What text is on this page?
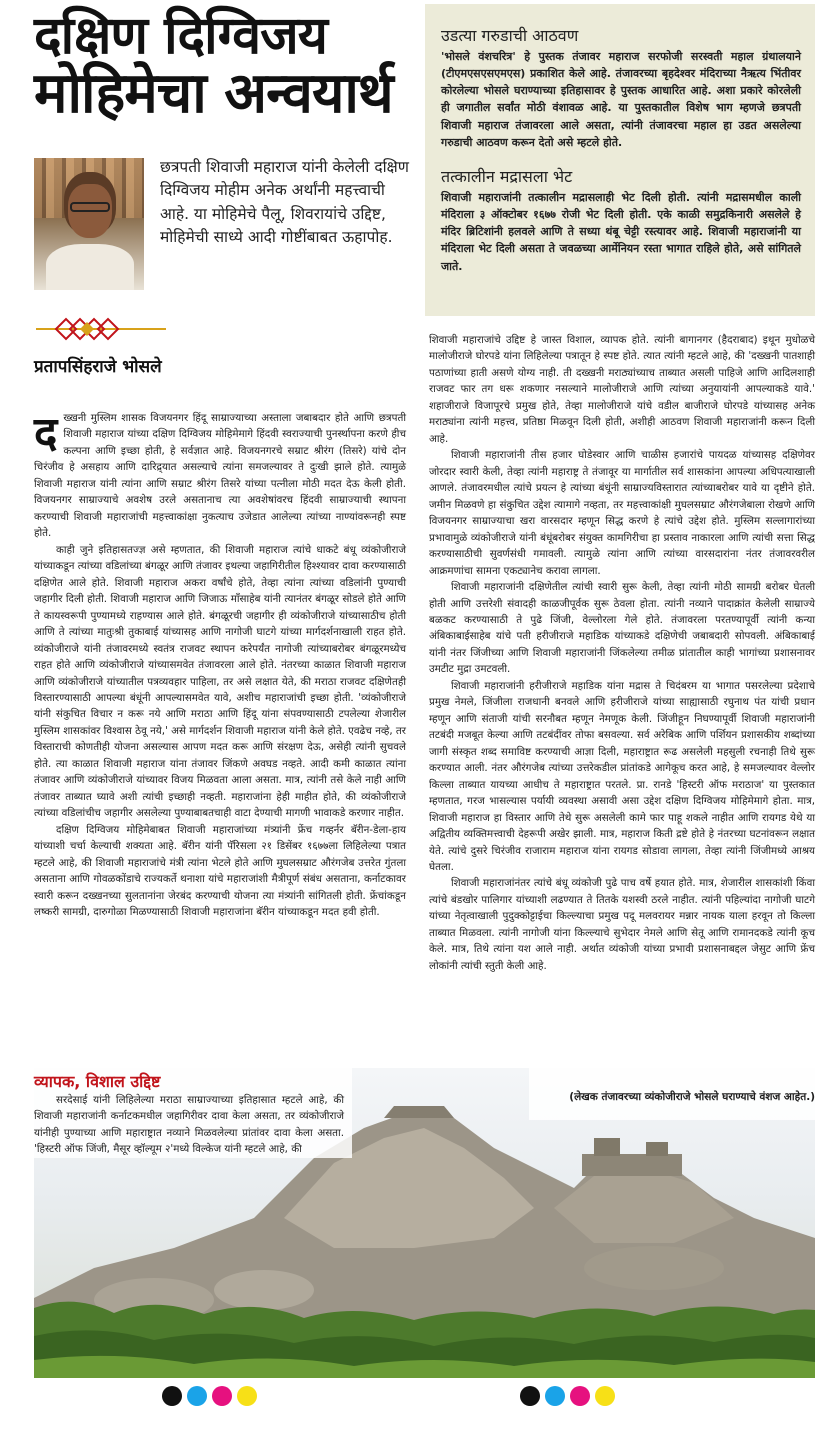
दक्षिण दिग्विजय
मोहिमेचा अन्वयार्थ
छत्रपती शिवाजी महाराज यांनी केलेली दक्षिण दिग्विजय मोहीम अनेक अर्थांनी महत्त्वाची आहे. या मोहिमेचे पैलू, शिवरायांचे उद्दिष्ट, मोहिमेची साध्ये आदी गोष्टींबाबत ऊहापोह.
प्रतापसिंहराजे भोसले
उडत्या गरुडाची आठवण

'भोसले वंशचरित्र' हे पुस्तक तंजावर महाराज सरफोजी सरस्वती महाल ग्रंथालयाने (टीएमएसएसएमएस) प्रकाशित केले आहे. तंजावरच्या बृहदेश्वर मंदिराच्या नैऋत्य भिंतीवर कोरलेल्या भोसले घराण्याच्या इतिहासावर हे पुस्तक आधारित आहे. अशा प्रकारे कोरलेली ही जगातील सर्वांत मोठी वंशावळ आहे. या पुस्तकातील विशेष भाग म्हणजे छत्रपती शिवाजी महाराज तंजावरला आले असता, त्यांनी तंजावरचा महाल हा उडत असलेल्या गरुडाची आठवण करून देतो असे म्हटले होते.

तत्कालीन मद्रासला भेट

शिवाजी महाराजांनी तत्कालीन मद्रासलाही भेट दिली होती. त्यांनी मद्रासमधील काली मंदिराला ३ ऑक्टोबर १६७७ रोजी भेट दिली होती. एके काळी समुद्रकिनारी असलेले हे मंदिर ब्रिटिशांनी हलवले आणि ते सध्या थंबू चेट्टी रस्त्यावर आहे. शिवाजी महाराजांनी या मंदिराला भेट दिली असता ते जवळच्या आर्मेनियन रस्ता भागात राहिले होते, असे सांगितले जाते.

दख्खनी मुस्लिम शासक विजयनगर हिंदू साम्राज्याच्या अस्ताला जबाबदार होते आणि छत्रपती शिवाजी महाराज यांच्या दक्षिण दिग्विजय मोहिमेमागे हिंदवी स्वराज्याची पुनर्स्थापना करणे हीच कल्पना आणि इच्छा होती, हे सर्वज्ञात आहे. विजयनगरचे सम्राट श्रीरंग (तिसरे) यांचे दोन चिरंजीव हे असहाय आणि दारिद्र्यात असल्याचे त्यांना समजल्यावर ते दुःखी झाले होते. त्यामुळे शिवाजी महाराज यांनी त्यांना आणि सम्राट श्रीरंग तिसरे यांच्या पत्नीला मोठी मदत देऊ केली होती. विजयनगर साम्राज्याचे अवशेष उरले असतानाच त्या अवशेषांवरच हिंदवी साम्राज्याची स्थापना करण्याची शिवाजी महाराजांची महत्त्वाकांक्षा नुकत्याच उजेडात आलेल्या त्यांच्या नाण्यांवरूनही स्पष्ट होते.

काही जुने इतिहासतज्ज्ञ असे म्हणतात, की शिवाजी महाराज त्यांचे धाकटे बंधू व्यंकोजीराजे यांच्याकडून त्यांच्या वडिलांच्या बंगळूर आणि तंजावर इथल्या जहागिरीतील हिश्श्यावर दावा करण्यासाठी दक्षिणेत आले होते. शिवाजी महाराज अकरा वर्षांचे होते, तेव्हा त्यांना त्यांच्या वडिलांनी पुण्याची जहागीर दिली होती. शिवाजी महाराज आणि जिजाऊ माँसाहेब यांनी त्यानंतर बंगळूर सोडले होते आणि ते कायस्वरूपी पुण्यामध्ये राहण्यास आले होते. बंगळूरची जहागीर ही व्यंकोजीराजे यांच्यासाठीच होती आणि ते त्यांच्या मातुःश्री तुकाबाई यांच्यासह आणि नागोजी घाटगे यांच्या मार्गदर्शनाखाली राहत होते. व्यंकोजीराजे यांनी तंजावरमध्ये स्वतंत्र राजवट स्थापन करेपर्यंत नागोजी त्यांच्याबरोबर बंगळूरमध्येच राहत होते आणि व्यंकोजीराजे यांच्यासमवेत तंजावरला आले होते. नंतरच्या काळात शिवाजी महाराज आणि व्यंकोजीराजे यांच्यातील पत्रव्यवहार पाहिला, तर असे लक्षात येते, की मराठा राजवट दक्षिणेतही विस्तारण्यासाठी आपल्या बंधूंनी आपल्यासमवेत यावे, अशीच महाराजांची इच्छा होती. 'व्यंकोजीराजे यांनी संकुचित विचार न करू नये आणि मराठा आणि हिंदू यांना संपवण्यासाठी टपलेल्या शेजारील मुस्लिम शासकांवर विश्वास ठेवू नये,' असे मार्गदर्शन शिवाजी महाराज यांनी केले होते. एवढेच नव्हे, तर विस्ताराची कोणतीही योजना असल्यास आपण मदत करू आणि संरक्षण देऊ, असेही त्यांनी सुचवले होते. त्या काळात शिवाजी महाराज यांना तंजावर जिंकणे अवघड नव्हते. आदी कमी काळात त्यांना तंजावर आणि व्यंकोजीराजे यांच्यावर विजय मिळवता आला असता. मात्र, त्यांनी तसे केले नाही आणि तंजावर ताब्यात घ्यावे अशी त्यांची इच्छाही नव्हती. महाराजांना हेही माहीत होते, की व्यंकोजीराजे त्यांच्या वडिलांचीच जहागीर असलेल्या पुण्याबाबतचाही वाटा देण्याची मागणी भावाकडे करणार नाहीत.

दक्षिण दिग्विजय मोहिमेबाबत शिवाजी महाराजांच्या मंत्र्यांनी फ्रेंच गव्हर्नर बॅरीन-डेला-हाय यांच्याशी चर्चा केल्याची शक्यता आहे. बॅरीन यांनी पॅरिसला २१ डिसेंबर १६७७ला लिहिलेल्या पत्रात म्हटले आहे, की शिवाजी महाराजांचे मंत्री त्यांना भेटले होते आणि मुघलसम्राट औरंगजेब उत्तरेत गुंतला असताना आणि गोवळकोंडाचे राज्यकर्ते थनाशा यांचे महाराजांशी मैत्रीपूर्ण संबंध असताना, कर्नाटकावर स्वारी करून दख्खनच्या सुलतानांना जेरबंद करण्याची योजना त्या मंत्र्यांनी सांगितली होती. फ्रेंचांकडून लष्करी सामग्री, दारुगोळा मिळण्यासाठी शिवाजी महाराजांना बॅरीन यांच्याकडून मदत हवी होती.

शिवाजी महाराजांचे उद्दिष्ट हे जास्त विशाल, व्यापक होते. त्यांनी बागानगर (हैदराबाद) इथून मुधोळचे मालोजीराजे घोरपडे यांना लिहिलेल्या पत्रातून हे स्पष्ट होते. त्यात त्यांनी म्हटले आहे, की 'दख्खनी पातशाही पठाणांच्या हाती असणे योग्य नाही. ती दख्खनी मराठ्यांच्याच ताब्यात असली पाहिजे आणि आदिलशाही राजवट फार तग धरू शकणार नसल्याने मालोजीराजे आणि त्यांच्या अनुयायांनी आपल्याकडे यावे.' शहाजीराजे विजापूरचे प्रमुख होते, तेव्हा मालोजीराजे यांचे वडील बाजीराजे घोरपडे यांच्यासह अनेक मराठ्यांना त्यांनी महत्त्व, प्रतिष्ठा मिळवून दिली होती, अशीही आठवण शिवाजी महाराजांनी करून दिली आहे.

शिवाजी महाराजांनी तीस हजार घोडेस्वार आणि चाळीस हजारांचे पायदळ यांच्यासह दक्षिणेवर जोरदार स्वारी केली, तेव्हा त्यांनी महाराष्ट्र ते तंजावूर या मार्गातील सर्व शासकांना आपल्या अधिपत्याखाली आणले. तंजावरमधील त्यांचे प्रयत्न हे त्यांच्या बंधूंनी साम्राज्यविस्तारात त्यांच्याबरोबर यावे या दृष्टीने होते. जमीन मिळवणे हा संकुचित उद्देश त्यामागे नव्हता, तर महत्त्वाकांक्षी मुघलसम्राट औरंगजेबाला रोखणे आणि विजयनगर साम्राज्याचा खरा वारसदार म्हणून सिद्ध करणे हे त्यांचे उद्देश होते. मुस्लिम सल्लागारांच्या प्रभावामुळे व्यंकोजीराजे यांनी बंधूंबरोबर संयुक्त कामगिरीचा हा प्रस्ताव नाकारला आणि त्यांची सत्ता सिद्ध करण्यासाठीची सुवर्णसंधी गमावली. त्यामुळे त्यांना आणि त्यांच्या वारसदारांना नंतर तंजावरवरील आक्रमणांचा सामना एकट्यानेच करावा लागला.

शिवाजी महाराजांनी दक्षिणेतील त्यांची स्वारी सुरू केली, तेव्हा त्यांनी मोठी सामग्री बरोबर घेतली होती आणि उत्तरेशी संवादही काळजीपूर्वक सुरू ठेवला होता. त्यांनी नव्याने पादाक्रांत केलेली साम्राज्ये बळकट करण्यासाठी ते पुढे जिंजी, वेल्लोरला गेले होते. तंजावरला परतण्यापूर्वी त्यांनी कन्या अंबिकाबाईसाहेब यांचे पती हरीजीराजे महाडिक यांच्याकडे दक्षिणेची जबाबदारी सोपवली. अंबिकाबाई यांनी नंतर जिंजीच्या आणि शिवाजी महाराजांनी जिंकलेल्या तमीळ प्रांतातील काही भागांच्या प्रशासनावर उमटीट मुद्रा उमटवली.

शिवाजी महाराजांनी हरीजीराजे महाडिक यांना मद्रास ते चिदंबरम या भागात पसरलेल्या प्रदेशाचे प्रमुख नेमले, जिंजीला राजधानी बनवले आणि हरीजीराजे यांच्या साह्यासाठी रघुनाथ पंत यांची प्रधान म्हणून आणि संताजी यांची सरनौबत म्हणून नेमणूक केली. जिंजीहून निघण्यापूर्वी शिवाजी महाराजांनी तटबंदी मजबूत केल्या आणि तटबंदींवर तोफा बसवल्या. सर्व अरेबिक आणि पर्शियन प्रशासकीय शब्दांच्या जागी संस्कृत शब्द समाविष्ट करण्याची आज्ञा दिली, महाराष्ट्रात रूढ असलेली महसुली रचनाही तिथे सुरू करण्यात आली. नंतर औरंगजेब त्यांच्या उत्तरेकडील प्रांतांकडे आगेकूच करत आहे, हे समजल्यावर वेल्लोर किल्ला ताब्यात यायच्या आधीच ते महाराष्ट्रात परतले. प्रा. रानडे 'हिस्टरी ऑफ मराठाज' या पुस्तकात म्हणतात, गरज भासल्यास पर्यायी व्यवस्था असावी असा उद्देश दक्षिण दिग्विजय मोहिमेमागे होता. मात्र, शिवाजी महाराज हा विस्तार आणि तेथे सुरू असलेली कामे फार पाहू शकले नाहीत आणि रायगड येथे या अद्वितीय व्यक्तिमत्त्वाची देहरूपी अखेर झाली. मात्र, महाराज किती द्रष्टे होते हे नंतरच्या घटनांवरून लक्षात येते. त्यांचे दुसरे चिरंजीव राजाराम महाराज यांना रायगड सोडावा लागला, तेव्हा त्यांनी जिंजीमध्ये आश्रय घेतला.

शिवाजी महाराजांनंतर त्यांचे बंधू व्यंकोजी पुढे पाच वर्षे हयात होते. मात्र, शेजारील शासकांशी किंवा त्यांचे बंडखोर पालिगार यांच्याशी लढण्यात ते तितके यशस्वी ठरले नाहीत. त्यांनी पहिल्यांदा नागोजी घाटगे यांच्या नेतृत्वाखाली पुदुक्कोट्टाईचा किल्ल्याचा प्रमुख पदू मलवरायर मन्नार नायक याला हरवून तो किल्ला ताब्यात मिळवला. त्यांनी नागोजी यांना किल्ल्याचे सुभेदार नेमले आणि सेतू आणि रामानदकडे त्यांनी कूच केले. मात्र, तिथे त्यांना यश आले नाही. अर्थात व्यंकोजी यांच्या प्रभावी प्रशासनाबद्दल जेसुट आणि फ्रेंच लोकांनी त्यांची स्तुती केली आहे.

व्यापक, विशाल उद्दिष्ट
सरदेसाई यांनी लिहिलेल्या मराठा साम्राज्याच्या इतिहासात म्हटले आहे, की शिवाजी महाराजांनी कर्नाटकमधील जहागिरीवर दावा केला असता, तर व्यंकोजीराजे यांनीही पुण्याच्या आणि महाराष्ट्रात नव्याने मिळवलेल्या प्रांतांवर दावा केला असता. 'हिस्टरी ऑफ जिंजी, मैसूर व्हॉल्यूम २'मध्ये विल्केज यांनी म्हटले आहे, की
(लेखक तंजावरच्या व्यंकोजीराजे भोसले घराण्याचे वंशज आहेत.)
